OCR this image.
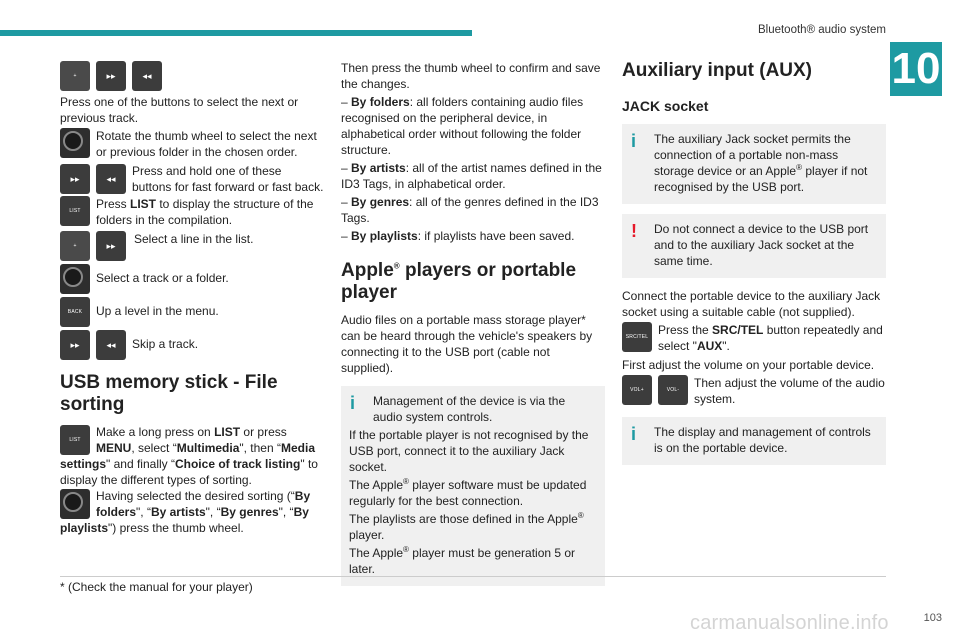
Bluetooth® audio system
10
+	▸▸	◂◂

Press one of the buttons to select the next or previous track.

Rotate the thumb wheel to select the next or previous folder in the chosen order.
▸▸	◂◂
Press and hold one of these buttons for fast forward or fast back.
LIST Press LIST to display the structure of the folders in the compilation.
+	▸▸	Select a line in the list.
Select a track or a folder.
BACK Up a level in the menu.
▸▸	◂◂	Skip a track.
USB memory stick - File sorting
LIST
Make a long press on LIST or press MENU, select “Multimedia", then “Media settings" and finally “Choice of track listing" to display the different types of sorting.
Having selected the desired sorting (“By folders", “By artists", “By genres", “By playlists") press the thumb wheel.

Then press the thumb wheel to confirm and save the changes.

– By folders: all folders containing audio files recognised on the peripheral device, in alphabetical order without following the folder structure.

– By artists: all of the artist names defined in the ID3 Tags, in alphabetical order.

– By genres: all of the genres defined in the ID3 Tags.

– By playlists: if playlists have been saved.

Apple® players or portable player

Audio files on a portable mass storage player* can be heard through the vehicle's speakers by connecting it to the USB port (cable not supplied).

i	Management of the device is via the audio system controls.

If the portable player is not recognised by the USB port, connect it to the auxiliary Jack socket.

The Apple® player software must be updated regularly for the best connection.

The playlists are those defined in the Apple® player.

The Apple® player must be generation 5 or later.

Auxiliary input (AUX)
JACK socket
i	The auxiliary Jack socket permits the connection of a portable non-mass storage device or an Apple® player if not recognised by the USB port.

!	Do not connect a device to the USB port and to the auxiliary Jack socket at the same time.

Connect the portable device to the auxiliary Jack socket using a suitable cable (not supplied).

SRC/TEL Press the SRC/TEL button repeatedly and select "AUX".

First adjust the volume on your portable device.

VOL+	VOL- Then adjust the volume of the audio system.
i	The display and management of controls is on the portable device.

* (Check the manual for your player)
carmanualsonline.info	103
